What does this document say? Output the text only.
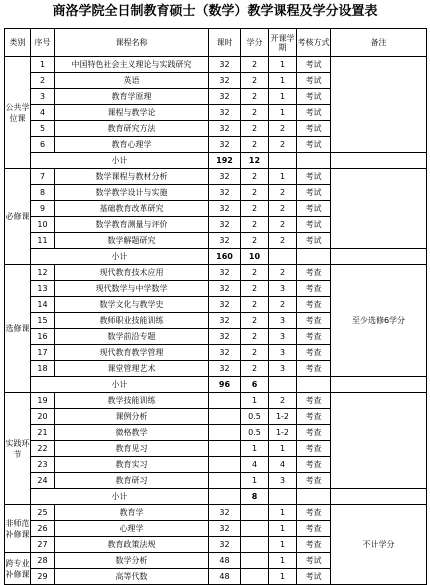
商洛学院全日制教育硕士（数学）教学课程及学分设置表
类别	序号	课程名称	课时	学分	开课学期	考核方式	备注
公共学位课	1	中国特色社会主义理论与实践研究	32	2	1	考试	
	2	英语	32	2	1	考试	
	3	教育学原理	32	2	1	考试	
	4	课程与教学论	32	2	1	考试	
	5	教育研究方法	32	2	2	考试	
	6	教育心理学	32	2	2	考试	
	小计		192	12			
必修课	7	数学课程与教材分析	32	2	1	考试	
	8	数学教学设计与实施	32	2	2	考试	
	9	基础教育改革研究	32	2	2	考试	
	10	数学教育测量与评价	32	2	2	考试	
	11	数学解题研究	32	2	2	考试	
	小计		160	10			
选修课	12	现代教育技术应用	32	2	2	考查	至少选修6学分
	13	现代数学与中学数学	32	2	3	考查	
	14	数学文化与教学史	32	2	2	考查	
	15	教师职业技能训练	32	2	3	考查	
	16	数学前沿专题	32	2	3	考查	
	17	现代教育教学管理	32	2	3	考查	
	18	课堂管理艺术	32	2	3	考查	
	小计		96	6			
实践环节	19	教学技能训练		1	2	考查	
	20	课例分析		0.5	1-2	考查	
	21	微格教学		0.5	1-2	考查	
	22	教育见习		1	1	考查	
	23	教育实习		4	4	考查	
	24	教育研习		1	3	考查	
	小计			8			
非师范补修课	25	教育学	32		1	考查	不计学分
	26	心理学	32		1	考查	
	27	教育政策法规	32		1	考查	
跨专业补修课	28	数学分析	48		1	考试	
	29	高等代数	48		1	考试	
